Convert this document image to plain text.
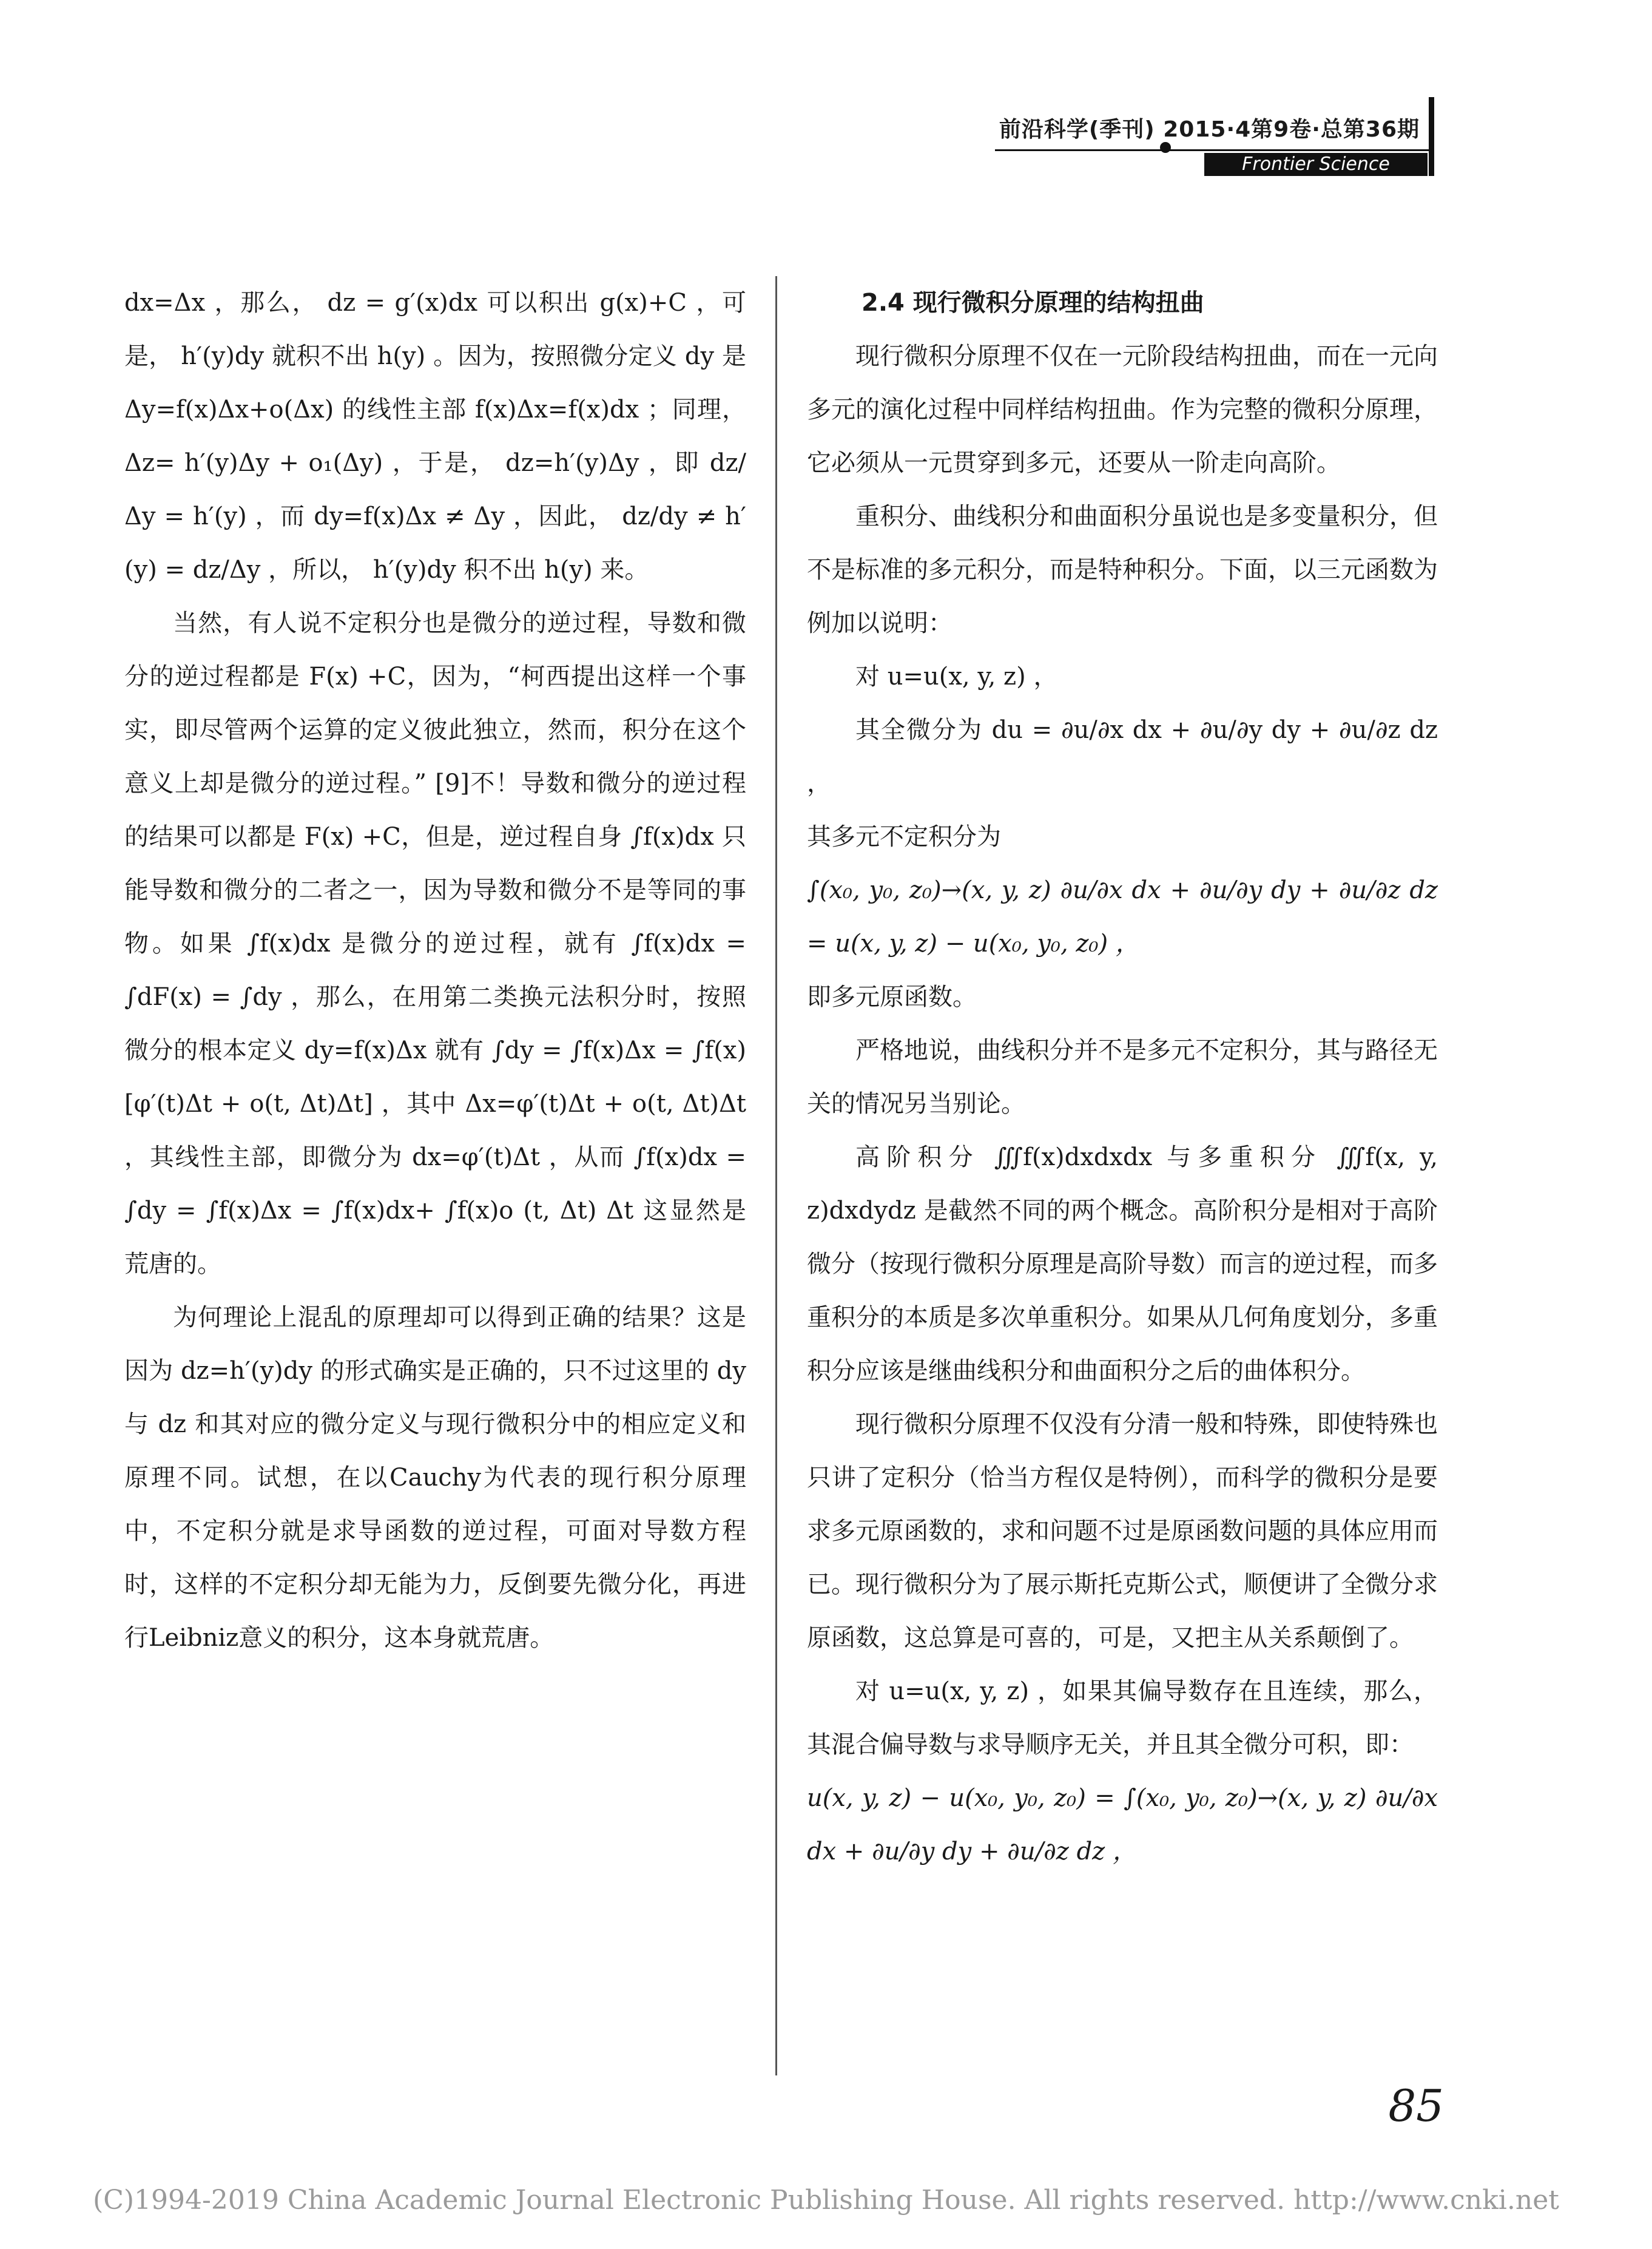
前沿科学(季刊) 2015·4第9卷·总第36期
Frontier Science

dx=Δx ，那么， dz = g′(x)dx 可以积出 g(x)+C ，可是， h′(y)dy 就积不出 h(y) 。因为，按照微分定义 dy 是 Δy=f(x)Δx+o(Δx) 的线性主部 f(x)Δx=f(x)dx ；同理， Δz= h′(y)Δy + o₁(Δy) ，于是， dz=h′(y)Δy ，即 dz/Δy = h′(y) ，而 dy=f(x)Δx ≠ Δy ，因此， dz/dy ≠ h′(y) = dz/Δy ，所以， h′(y)dy 积不出 h(y) 来。

当然，有人说不定积分也是微分的逆过程，导数和微分的逆过程都是 F(x) +C，因为，“柯西提出这样一个事实，即尽管两个运算的定义彼此独立，然而，积分在这个意义上却是微分的逆过程。” [9]不！导数和微分的逆过程的结果可以都是 F(x) +C，但是，逆过程自身 ∫f(x)dx 只能导数和微分的二者之一，因为导数和微分不是等同的事物。如果 ∫f(x)dx 是微分的逆过程，就有 ∫f(x)dx = ∫dF(x) = ∫dy ，那么，在用第二类换元法积分时，按照微分的根本定义 dy=f(x)Δx 就有 ∫dy = ∫f(x)Δx = ∫f(x)[φ′(t)Δt + o(t, Δt)Δt] ，其中 Δx=φ′(t)Δt + o(t, Δt)Δt ，其线性主部，即微分为 dx=φ′(t)Δt ，从而 ∫f(x)dx = ∫dy = ∫f(x)Δx = ∫f(x)dx+ ∫f(x)o (t, Δt) Δt 这显然是荒唐的。

为何理论上混乱的原理却可以得到正确的结果？这是因为 dz=h′(y)dy 的形式确实是正确的，只不过这里的 dy 与 dz 和其对应的微分定义与现行微积分中的相应定义和原理不同。试想，在以Cauchy为代表的现行积分原理中，不定积分就是求导函数的逆过程，可面对导数方程时，这样的不定积分却无能为力，反倒要先微分化，再进行Leibniz意义的积分，这本身就荒唐。

2.4 现行微积分原理的结构扭曲

现行微积分原理不仅在一元阶段结构扭曲，而在一元向多元的演化过程中同样结构扭曲。作为完整的微积分原理，它必须从一元贯穿到多元，还要从一阶走向高阶。

重积分、曲线积分和曲面积分虽说也是多变量积分，但不是标准的多元积分，而是特种积分。下面，以三元函数为例加以说明：

对 u=u(x, y, z) ，

其全微分为 du = ∂u/∂x dx + ∂u/∂y dy + ∂u/∂z dz ，

其多元不定积分为

∫(x₀, y₀, z₀)→(x, y, z) ∂u/∂x dx + ∂u/∂y dy + ∂u/∂z dz = u(x, y, z) − u(x₀, y₀, z₀) ，

即多元原函数。

严格地说，曲线积分并不是多元不定积分，其与路径无关的情况另当别论。

高阶积分 ∭f(x)dxdxdx 与多重积分 ∭f(x, y, z)dxdydz 是截然不同的两个概念。高阶积分是相对于高阶微分（按现行微积分原理是高阶导数）而言的逆过程，而多重积分的本质是多次单重积分。如果从几何角度划分，多重积分应该是继曲线积分和曲面积分之后的曲体积分。

现行微积分原理不仅没有分清一般和特殊，即使特殊也只讲了定积分（恰当方程仅是特例），而科学的微积分是要求多元原函数的，求和问题不过是原函数问题的具体应用而已。现行微积分为了展示斯托克斯公式，顺便讲了全微分求原函数，这总算是可喜的，可是，又把主从关系颠倒了。

对 u=u(x, y, z) ，如果其偏导数存在且连续，那么，其混合偏导数与求导顺序无关，并且其全微分可积，即：

u(x, y, z) − u(x₀, y₀, z₀) = ∫(x₀, y₀, z₀)→(x, y, z) ∂u/∂x dx + ∂u/∂y dy + ∂u/∂z dz ，

85
(C)1994-2019 China Academic Journal Electronic Publishing House. All rights reserved. http://www.cnki.net
